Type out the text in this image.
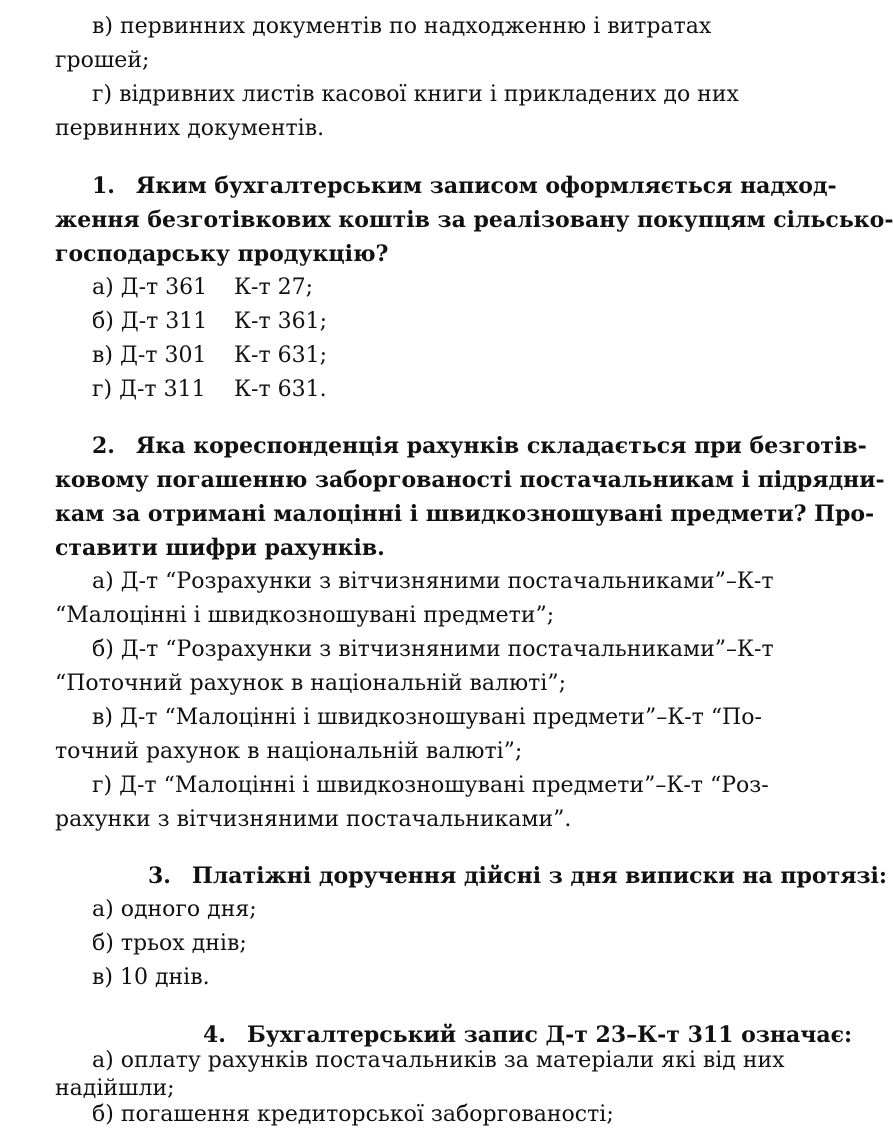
в) первинних документів по надходженню і витратах
грошей;
г) відривних листів касової книги і прикладених до них
первинних документів.
1. Яким бухгалтерським записом оформляється надход-
ження безготівкових коштів за реалізовану покупцям сільсько-
господарську продукцію?
а) Д-т 361 К-т 27;
б) Д-т 311 К-т 361;
в) Д-т 301 К-т 631;
г) Д-т 311 К-т 631.
2. Яка кореспонденція рахунків складається при безготів-
ковому погашенню заборгованості постачальникам і підрядни-
кам за отримані малоцінні і швидкозношувані предмети? Про-
ставити шифри рахунків.
а) Д-т “Розрахунки з вітчизняними постачальниками”–К-т
“Малоцінні і швидкозношувані предмети”;
б) Д-т “Розрахунки з вітчизняними постачальниками”–К-т
“Поточний рахунок в національній валюті”;
в) Д-т “Малоцінні і швидкозношувані предмети”–К-т “По-
точний рахунок в національній валюті”;
г) Д-т “Малоцінні і швидкозношувані предмети”–К-т “Роз-
рахунки з вітчизняними постачальниками”.
3. Платіжні доручення дійсні з дня виписки на протязі:
а) одного дня;
б) трьох днів;
в) 10 днів.
4. Бухгалтерський запис Д-т 23–К-т 311 означає:
а) оплату рахунків постачальників за матеріали які від них
надійшли;
б) погашення кредиторської заборгованості;
